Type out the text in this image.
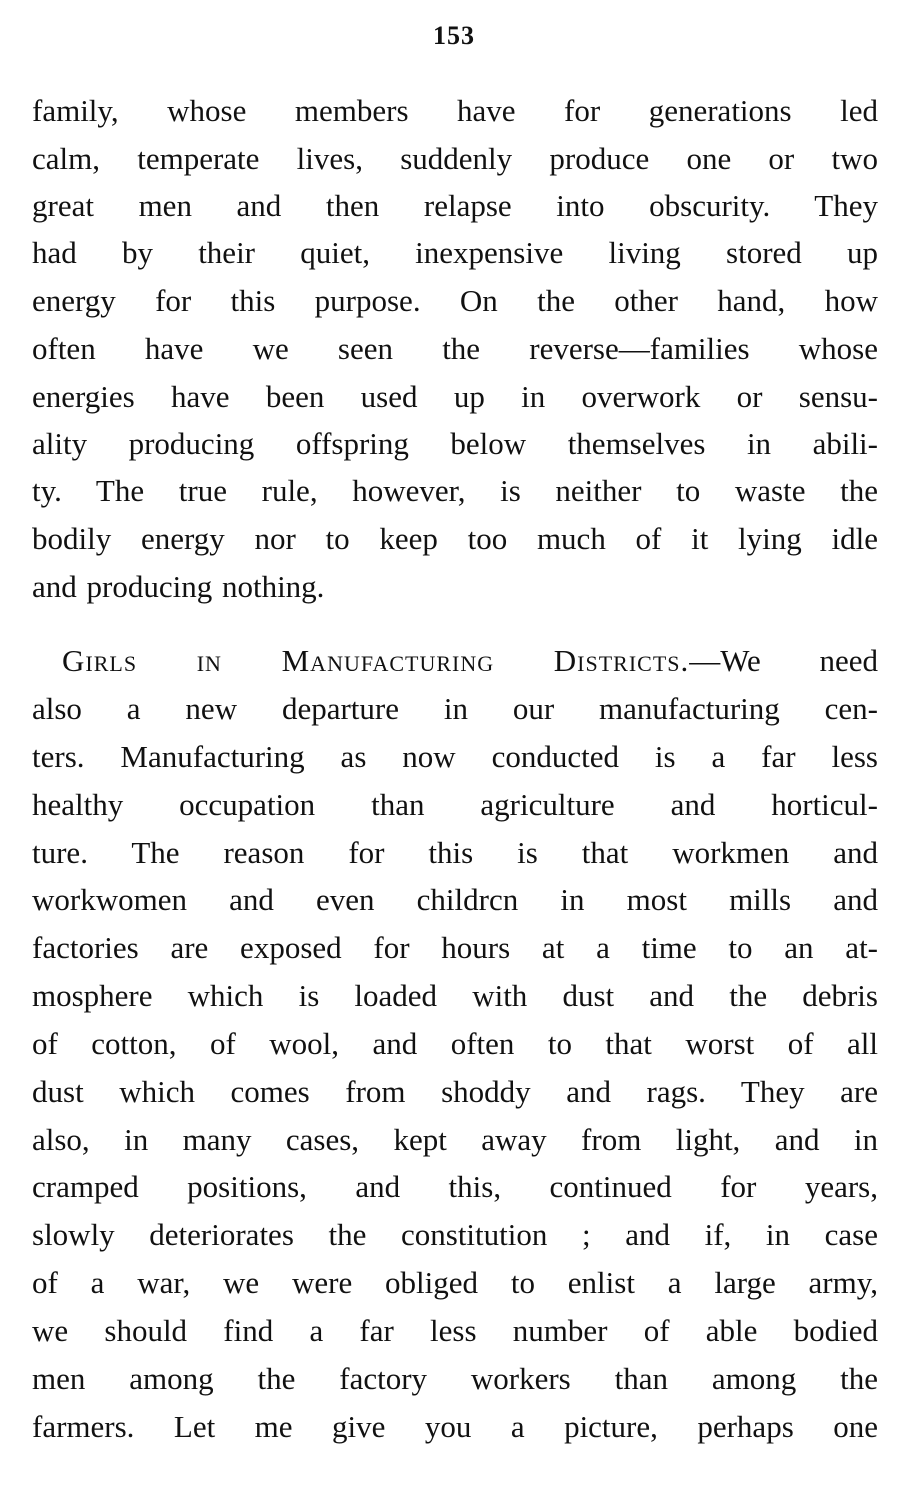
153
family, whose members have for generations led
calm, temperate lives, suddenly produce one or two
great men and then relapse into obscurity. They
had by their quiet, inexpensive living stored up
energy for this purpose. On the other hand, how
often have we seen the reverse—families whose
energies have been used up in overwork or sensu-
ality producing offspring below themselves in abili-
ty. The true rule, however, is neither to waste the
bodily energy nor to keep too much of it lying idle
and producing nothing.
Girls in Manufacturing Districts.—We need
also a new departure in our manufacturing cen-
ters. Manufacturing as now conducted is a far less
healthy occupation than agriculture and horticul-
ture. The reason for this is that workmen and
workwomen and even childrcn in most mills and
factories are exposed for hours at a time to an at-
mosphere which is loaded with dust and the debris
of cotton, of wool, and often to that worst of all
dust which comes from shoddy and rags. They are
also, in many cases, kept away from light, and in
cramped positions, and this, continued for years,
slowly deteriorates the constitution ; and if, in case
of a war, we were obliged to enlist a large army,
we should find a far less number of able bodied
men among the factory workers than among the
farmers. Let me give you a picture, perhaps one
